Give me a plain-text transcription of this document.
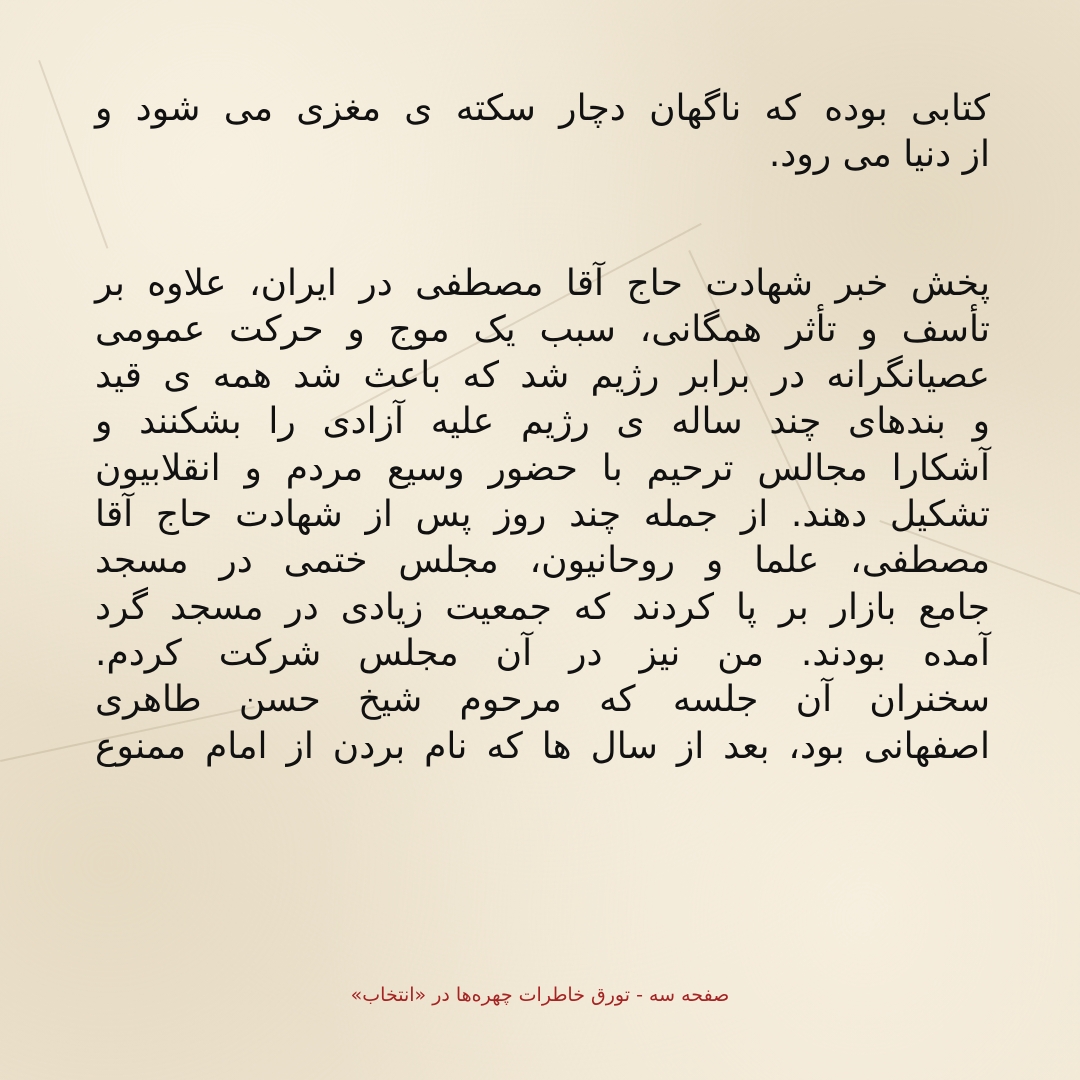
کتابی بوده که ناگهان دچار سکته ی مغزی می شود و
از دنیا می رود.
پخش خبر شهادت حاج آقا مصطفی در ایران، علاوه بر
تأسف و تأثر همگانی، سبب یک موج و حرکت عمومی
عصیانگرانه در برابر رژیم شد که باعث شد همه ی قید
و بندهای چند ساله ی رژیم علیه آزادی را بشکنند و
آشکارا مجالس ترحیم با حضور وسیع مردم و انقلابیون
تشکیل دهند. از جمله چند روز پس از شهادت حاج آقا
مصطفی، علما و روحانیون، مجلس ختمی در مسجد
جامع بازار بر پا کردند که جمعیت زیادی در مسجد گرد
آمده بودند. من نیز در آن مجلس شرکت کردم.
سخنران آن جلسه که مرحوم شیخ حسن طاهری
اصفهانی بود، بعد از سال ها که نام بردن از امام ممنوع
صفحه سه - تورق خاطرات چهره‌ها در «انتخاب»
